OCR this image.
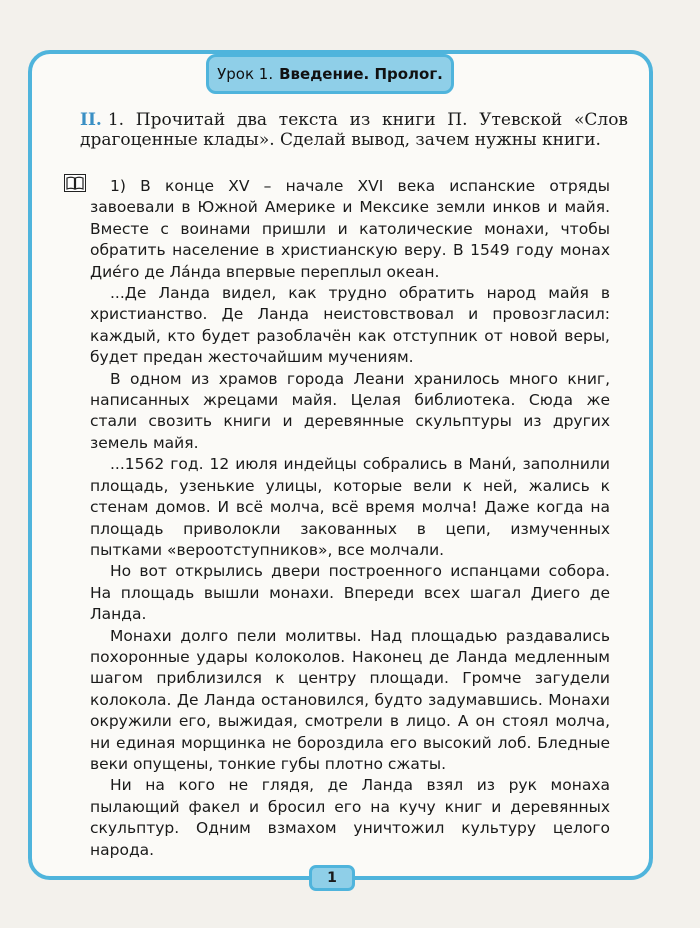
Урок 1. Введение. Пролог.
II. 1. Прочитай два текста из книги П. Утевской «Слов драгоценные клады». Сделай вывод, зачем нужны книги.

1) В конце XV – начале XVI века испанские отряды завоевали в Южной Америке и Мексике земли инков и майя. Вместе с воинами пришли и католические монахи, чтобы обратить население в христианскую веру. В 1549 году монах Дие́го де Ла́нда впервые переплыл океан.

...Де Ланда видел, как трудно обратить народ майя в христианство. Де Ланда неистовствовал и провозгласил: каждый, кто будет разоблачён как отступник от новой веры, будет предан жесточайшим мучениям.

В одном из храмов города Леани хранилось много книг, написанных жрецами майя. Целая библиотека. Сюда же стали свозить книги и деревянные скульптуры из других земель майя.

...1562 год. 12 июля индейцы собрались в Мани́, заполнили площадь, узенькие улицы, которые вели к ней, жались к стенам домов. И всё молча, всё время молча! Даже когда на площадь приволокли закованных в цепи, измученных пытками «вероотступников», все молчали.

Но вот открылись двери построенного испанцами собора. На площадь вышли монахи. Впереди всех шагал Диего де Ланда.

Монахи долго пели молитвы. Над площадью раздавались похоронные удары колоколов. Наконец де Ланда медленным шагом приблизился к центру площади. Громче загудели колокола. Де Ланда остановился, будто задумавшись. Монахи окружили его, выжидая, смотрели в лицо. А он стоял молча, ни единая морщинка не бороздила его высокий лоб. Бледные веки опущены, тонкие губы плотно сжаты.

Ни на кого не глядя, де Ланда взял из рук монаха пылающий факел и бросил его на кучу книг и деревянных скульптур. Одним взмахом уничтожил культуру целого народа.

1
